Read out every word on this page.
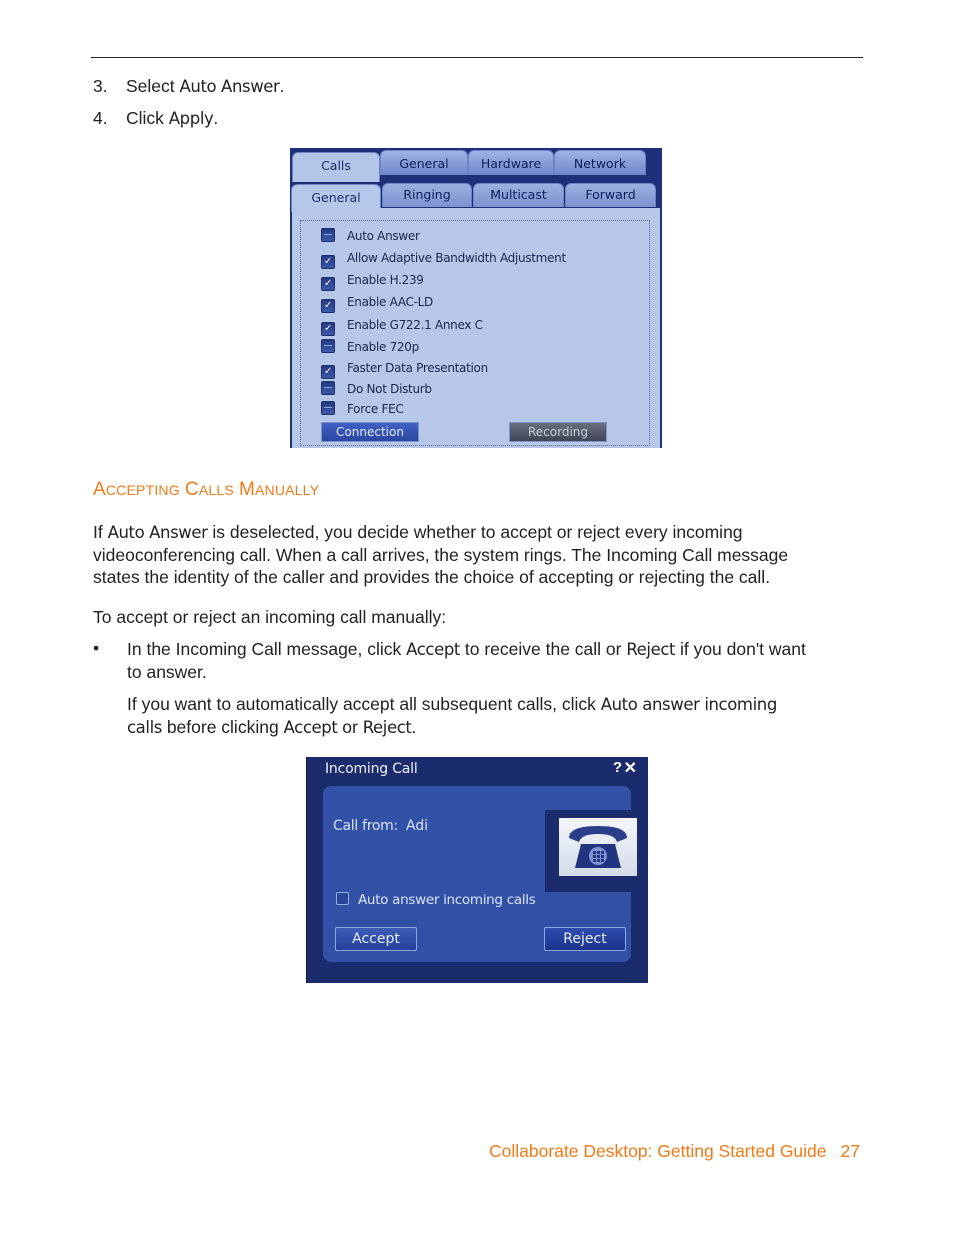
3. Select Auto Answer.
4. Click Apply.
Calls	General	Hardware	Network
General	Ringing	Multicast	Forward
Auto Answer
✓ Allow Adaptive Bandwidth Adjustment
✓ Enable H.239
✓ Enable AAC-LD
✓ Enable G722.1 Annex C
Enable 720p
✓ Faster Data Presentation
Do Not Disturb
Force FEC
Connection	Recording
ACCEPTING CALLS MANUALLY
If Auto Answer is deselected, you decide whether to accept or reject every incoming
videoconferencing call. When a call arrives, the system rings. The Incoming Call message
states the identity of the caller and provides the choice of accepting or rejecting the call.
To accept or reject an incoming call manually:
• In the Incoming Call message, click Accept to receive the call or Reject if you don't want
to answer.
If you want to automatically accept all subsequent calls, click Auto answer incoming
calls before clicking Accept or Reject.
Incoming Call	? ✕
Call from: Adi
Auto answer incoming calls
Accept	Reject
Collaborate Desktop: Getting Started Guide 27
